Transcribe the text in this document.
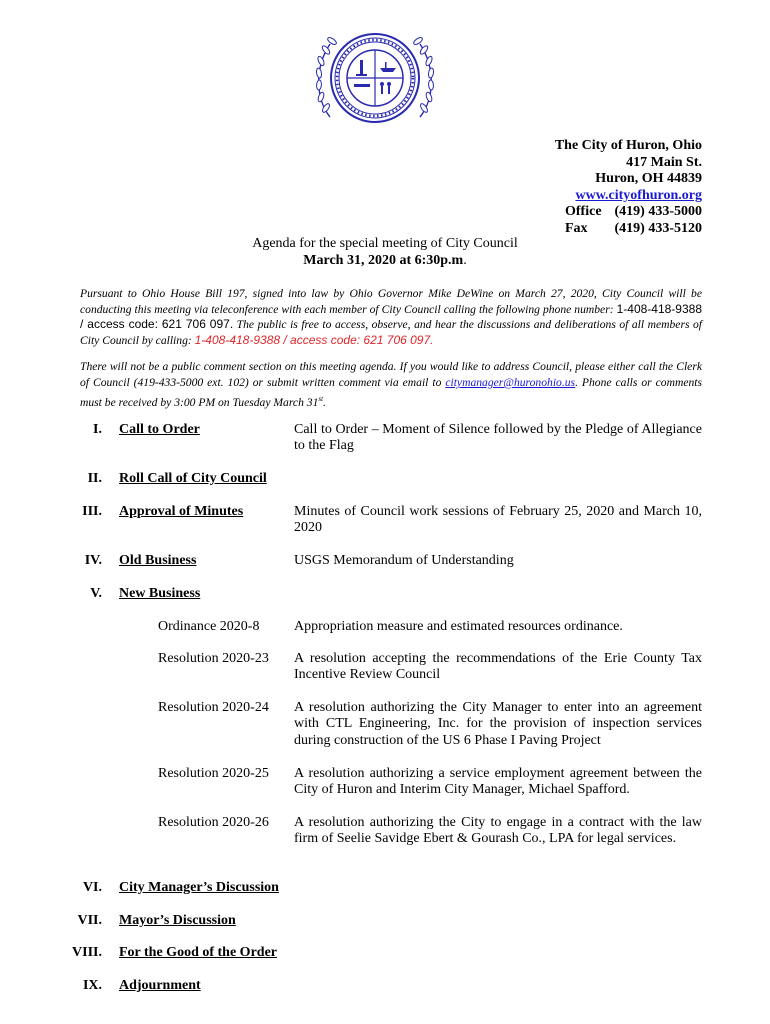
The City of Huron, Ohio
417 Main St.
Huron, OH 44839
www.cityofhuron.org
Office (419) 433-5000
Fax (419) 433-5120
Agenda for the special meeting of City Council
March 31, 2020 at 6:30p.m.
Pursuant to Ohio House Bill 197, signed into law by Ohio Governor Mike DeWine on March 27, 2020, City Council will be conducting this meeting via teleconference with each member of City Council calling the following phone number: 1-408-418-9388 / access code: 621 706 097. The public is free to access, observe, and hear the discussions and deliberations of all members of City Council by calling: 1-408-418-9388 / access code: 621 706 097.
There will not be a public comment section on this meeting agenda. If you would like to address Council, please either call the Clerk of Council (419-433-5000 ext. 102) or submit written comment via email to citymanager@huronohio.us. Phone calls or comments must be received by 3:00 PM on Tuesday March 31st.
I. Call to Order	Call to Order – Moment of Silence followed by the Pledge of Allegiance to the Flag
II. Roll Call of City Council
III. Approval of Minutes	Minutes of Council work sessions of February 25, 2020 and March 10, 2020
IV. Old Business	USGS Memorandum of Understanding
V. New Business
Ordinance 2020-8 Appropriation measure and estimated resources ordinance.
Resolution 2020-23 A resolution accepting the recommendations of the Erie County Tax Incentive Review Council
Resolution 2020-24 A resolution authorizing the City Manager to enter into an agreement with CTL Engineering, Inc. for the provision of inspection services during construction of the US 6 Phase I Paving Project
Resolution 2020-25 A resolution authorizing a service employment agreement between the City of Huron and Interim City Manager, Michael Spafford.
Resolution 2020-26 A resolution authorizing the City to engage in a contract with the law firm of Seelie Savidge Ebert & Gourash Co., LPA for legal services.
VI. City Manager’s Discussion
VII. Mayor’s Discussion
VIII. For the Good of the Order
IX. Adjournment
